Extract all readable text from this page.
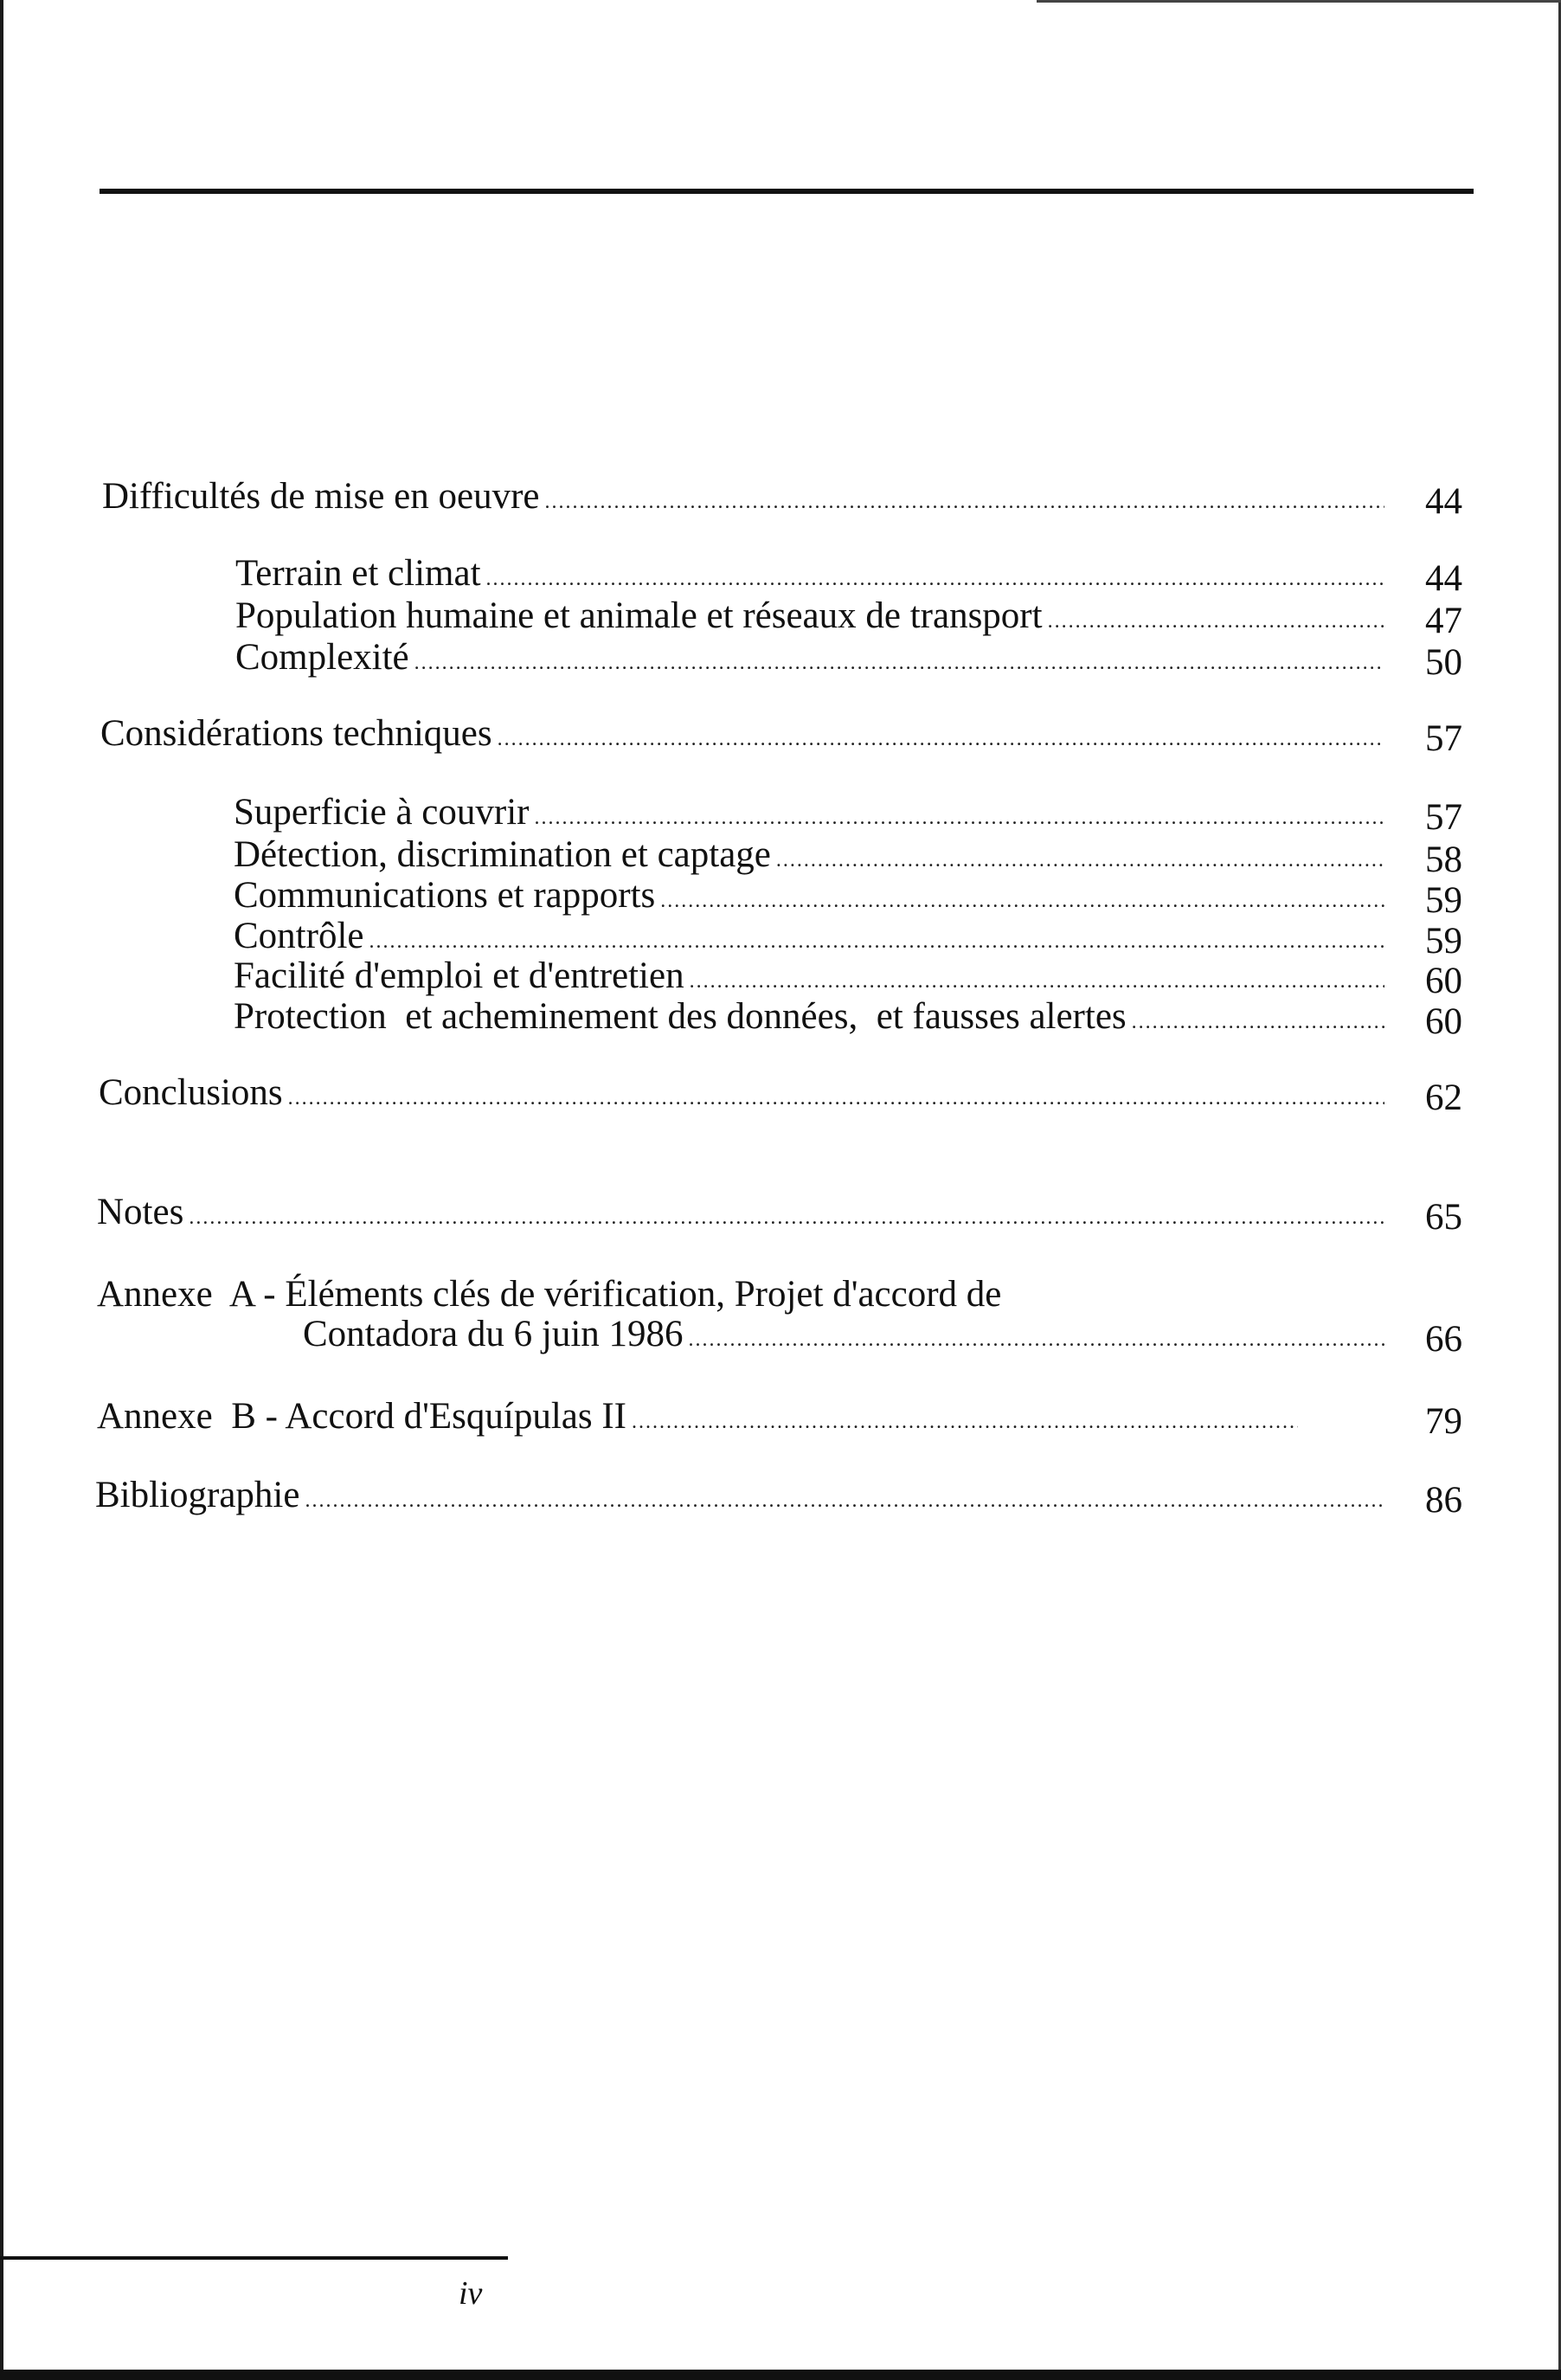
Difficultés de mise en oeuvre .....	44
Terrain et climat .....	44
Population humaine et animale et réseaux de transport .....	47
Complexité .....	50
Considérations techniques .....	57
Superficie à couvrir .....	57
Détection, discrimination et captage .....	58
Communications et rapports .....	59
Contrôle .....	59
Facilité d'emploi et d'entretien .....	60
Protection  et acheminement des données,  et fausses alertes .....	60
Conclusions .....	62
Notes .....	65
Annexe  A - Éléments clés de vérification, Projet d'accord de
Contadora du 6 juin 1986 .....	66
Annexe  B - Accord d'Esquípulas II .....	79
Bibliographie .....	86
iv
